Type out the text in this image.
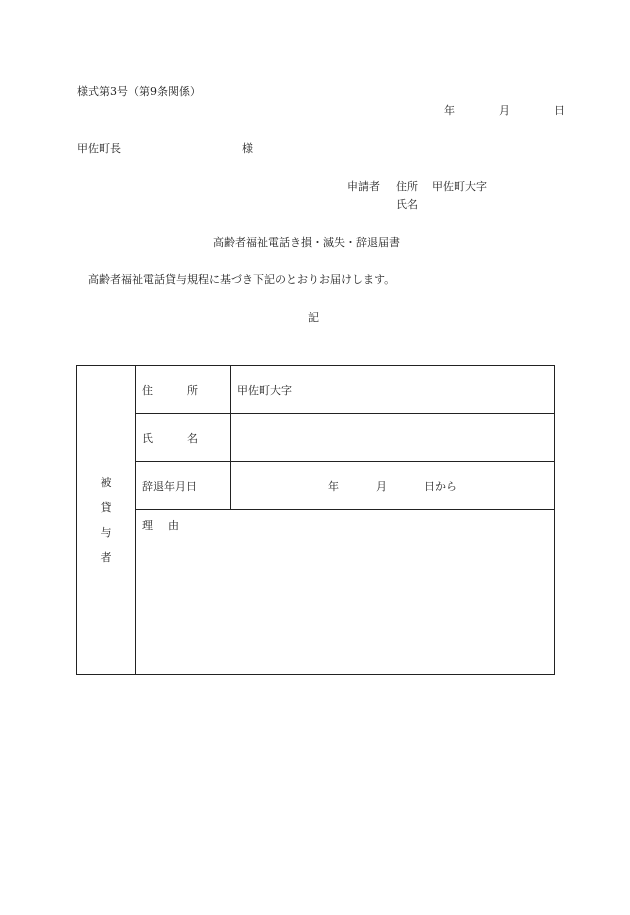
様式第3号（第9条関係）
年	月	日
甲佐町長	様
申請者 住所 甲佐町大字
氏名
高齢者福祉電話き損・滅失・辞退届書
高齢者福祉電話貸与規程に基づき下記のとおりお届けします。
記
被
貸
与
者	住 所	甲佐町大字
	氏 名	
	辞退年月日	年 月 日から
	理 由	
